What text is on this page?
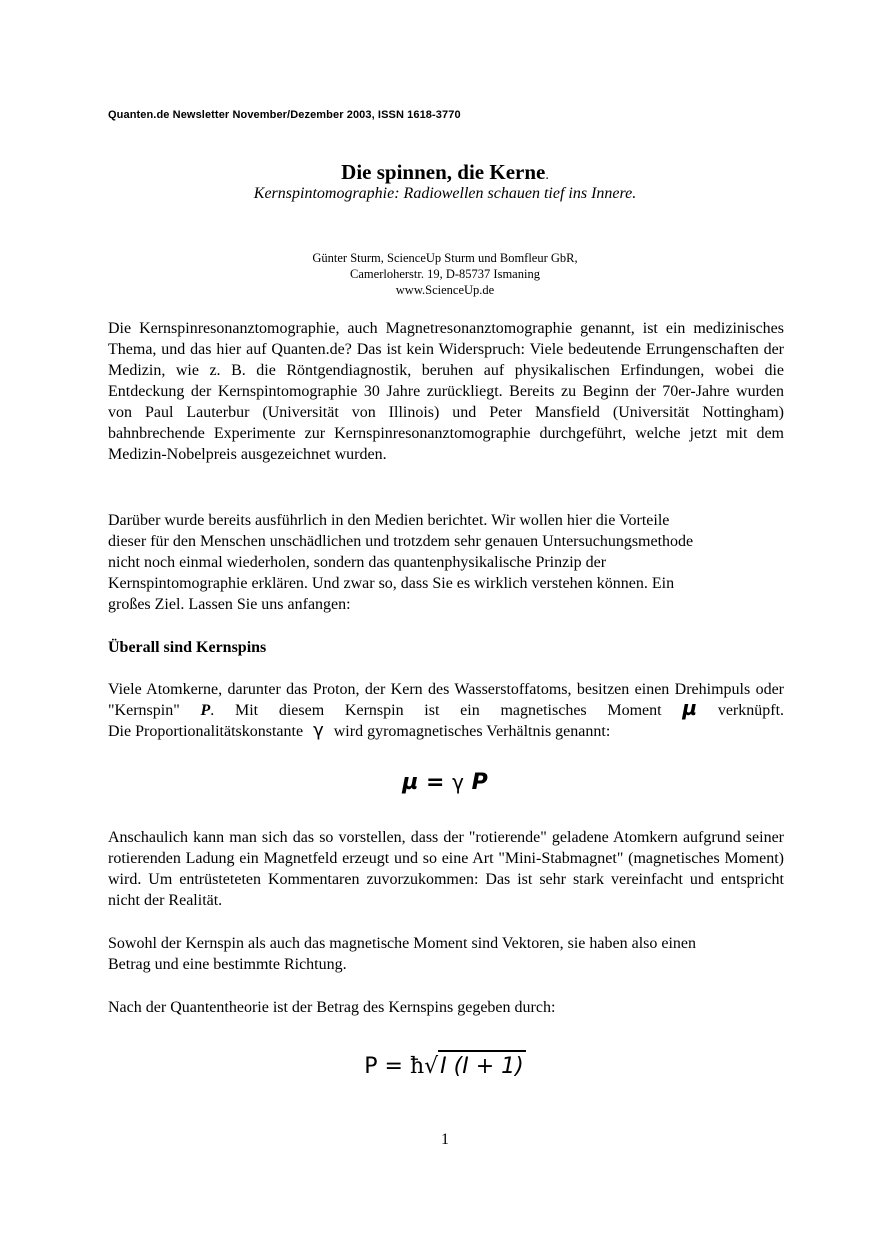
Quanten.de Newsletter November/Dezember 2003, ISSN 1618-3770
Die spinnen, die Kerne.
Kernspintomographie: Radiowellen schauen tief ins Innere.
Günter Sturm, ScienceUp Sturm und Bomfleur GbR,
Camerloherstr. 19, D-85737 Ismaning
www.ScienceUp.de
Die Kernspinresonanztomographie, auch Magnetresonanztomographie genannt, ist ein medizinisches Thema, und das hier auf Quanten.de? Das ist kein Widerspruch: Viele bedeutende Errungenschaften der Medizin, wie z. B. die Röntgendiagnostik, beruhen auf physikalischen Erfindungen, wobei die Entdeckung der Kernspintomographie 30 Jahre zurückliegt. Bereits zu Beginn der 70er-Jahre wurden von Paul Lauterbur (Universität von Illinois) und Peter Mansfield (Universität Nottingham) bahnbrechende Experimente zur Kernspinresonanztomographie durchgeführt, welche jetzt mit dem Medizin-Nobelpreis ausgezeichnet wurden.
Darüber wurde bereits ausführlich in den Medien berichtet. Wir wollen hier die Vorteile
dieser für den Menschen unschädlichen und trotzdem sehr genauen Untersuchungsmethode
nicht noch einmal wiederholen, sondern das quantenphysikalische Prinzip der
Kernspintomographie erklären. Und zwar so, dass Sie es wirklich verstehen können. Ein
großes Ziel. Lassen Sie uns anfangen:
Überall sind Kernspins
Viele Atomkerne, darunter das Proton, der Kern des Wasserstoffatoms, besitzen einen Drehimpuls oder "Kernspin" P. Mit diesem Kernspin ist ein magnetisches Moment µ verknüpft.
Die Proportionalitätskonstante γ wird gyromagnetisches Verhältnis genannt:
µ = γ P
Anschaulich kann man sich das so vorstellen, dass der "rotierende" geladene Atomkern aufgrund seiner rotierenden Ladung ein Magnetfeld erzeugt und so eine Art "Mini-Stabmagnet" (magnetisches Moment) wird. Um entrüsteteten Kommentaren zuvorzukommen: Das ist sehr stark vereinfacht und entspricht nicht der Realität.
Sowohl der Kernspin als auch das magnetische Moment sind Vektoren, sie haben also einen
Betrag und eine bestimmte Richtung.
Nach der Quantentheorie ist der Betrag des Kernspins gegeben durch:
P = ħ√I (I + 1)
1
